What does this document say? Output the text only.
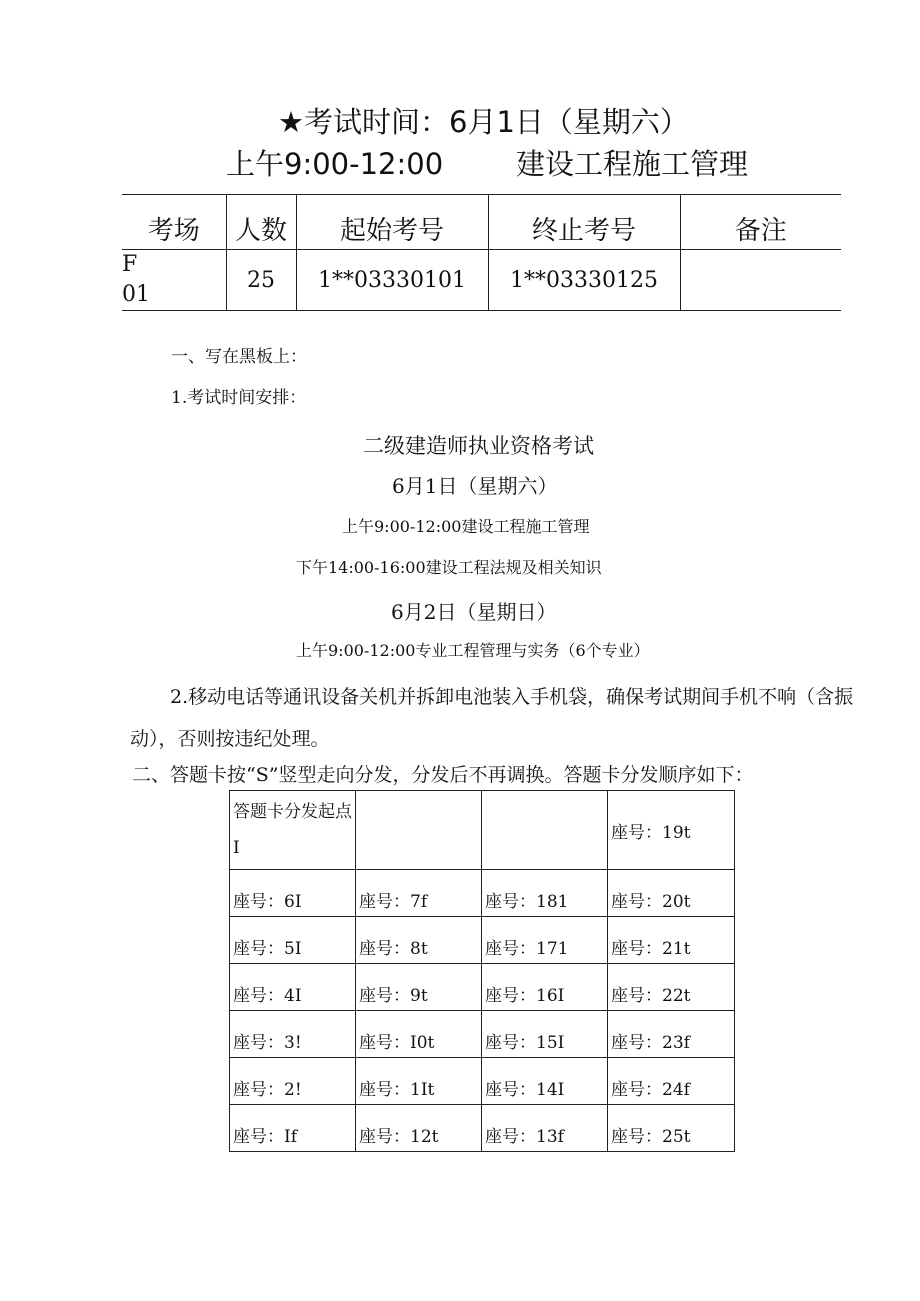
★考试时间：6月1日（星期六）
上午9:00-12:00	建设工程施工管理
考场	人数	起始考号	终止考号	备注
F
01	25	1**03330101	1**03330125	
一、写在黑板上：
1.考试时间安排：
二级建造师执业资格考试
6月1日（星期六）
上午9:00-12:00建设工程施工管理
下午14:00-16:00建设工程法规及相关知识
6月2日（星期日）
上午9:00-12:00专业工程管理与实务（6个专业）
2.移动电话等通讯设备关机并拆卸电池装入手机袋，确保考试期间手机不响（含振动），否则按违纪处理。
二、答题卡按“S”竖型走向分发，分发后不再调换。答题卡分发顺序如下：
答题卡分发起点I			座号：19t
座号：6I	座号：7f	座号：181	座号：20t
座号：5I	座号：8t	座号：171	座号：21t
座号：4I	座号：9t	座号：16I	座号：22t
座号：3!	座号：I0t	座号：15I	座号：23f
座号：2!	座号：1It	座号：14I	座号：24f
座号：If	座号：12t	座号：13f	座号：25t
